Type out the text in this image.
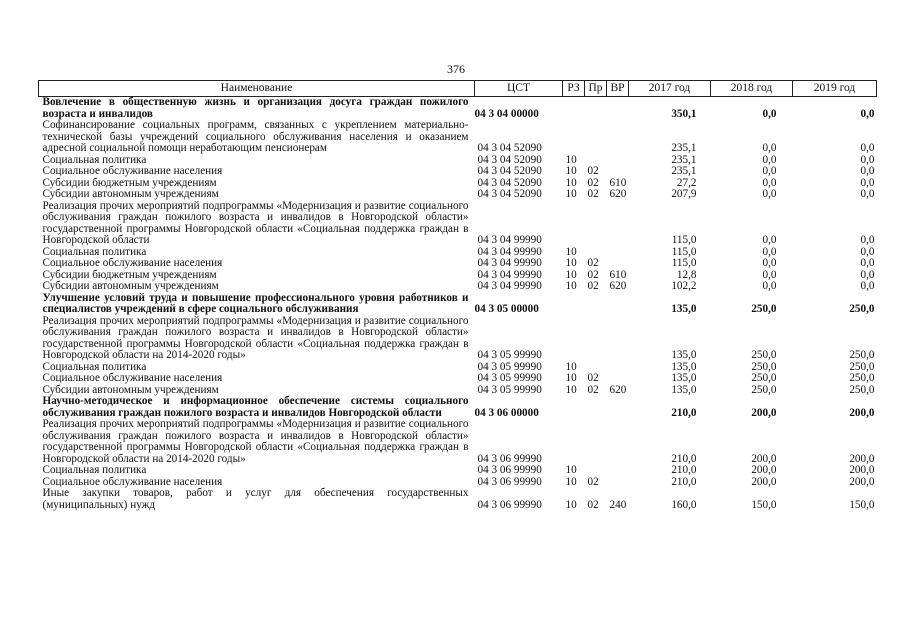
376
Наименование	ЦСТ	РЗ	Пр	ВР	2017 год	2018 год	2019 год
Вовлечение в общественную жизнь и организация досуга граждан пожилого возраста и инвалидов	04 3 04 00000				350,1	0,0	0,0
Софинансирование социальных программ, связанных с укреплением материально-технической базы учреждений социального обслуживания населения и оказанием адресной социальной помощи неработающим пенсионерам	04 3 04 52090				235,1	0,0	0,0
Социальная политика	04 3 04 52090	10			235,1	0,0	0,0
Социальное обслуживание населения	04 3 04 52090	10	02		235,1	0,0	0,0
Субсидии бюджетным учреждениям	04 3 04 52090	10	02	610	27,2	0,0	0,0
Субсидии автономным учреждениям	04 3 04 52090	10	02	620	207,9	0,0	0,0
Реализация прочих мероприятий подпрограммы «Модернизация и развитие социального обслуживания граждан пожилого возраста и инвалидов в Новгородской области» государственной программы Новгородской области «Социальная поддержка граждан в Новгородской области	04 3 04 99990				115,0	0,0	0,0
Социальная политика	04 3 04 99990	10			115,0	0,0	0,0
Социальное обслуживание населения	04 3 04 99990	10	02		115,0	0,0	0,0
Субсидии бюджетным учреждениям	04 3 04 99990	10	02	610	12,8	0,0	0,0
Субсидии автономным учреждениям	04 3 04 99990	10	02	620	102,2	0,0	0,0
Улучшение условий труда и повышение профессионального уровня работников и специалистов учреждений в сфере социального обслуживания	04 3 05 00000				135,0	250,0	250,0
Реализация прочих мероприятий подпрограммы «Модернизация и развитие социального обслуживания граждан пожилого возраста и инвалидов в Новгородской области» государственной программы Новгородской области «Социальная поддержка граждан в Новгородской области на 2014-2020 годы»	04 3 05 99990				135,0	250,0	250,0
Социальная политика	04 3 05 99990	10			135,0	250,0	250,0
Социальное обслуживание населения	04 3 05 99990	10	02		135,0	250,0	250,0
Субсидии автономным учреждениям	04 3 05 99990	10	02	620	135,0	250,0	250,0
Научно-методическое и информационное обеспечение системы социального обслуживания граждан пожилого возраста и инвалидов Новгородской области	04 3 06 00000				210,0	200,0	200,0
Реализация прочих мероприятий подпрограммы «Модернизация и развитие социального обслуживания граждан пожилого возраста и инвалидов в Новгородской области» государственной программы Новгородской области «Социальная поддержка граждан в Новгородской области на 2014-2020 годы»	04 3 06 99990				210,0	200,0	200,0
Социальная политика	04 3 06 99990	10			210,0	200,0	200,0
Социальное обслуживание населения	04 3 06 99990	10	02		210,0	200,0	200,0
Иные закупки товаров, работ и услуг для обеспечения государственных (муниципальных) нужд	04 3 06 99990	10	02	240	160,0	150,0	150,0
